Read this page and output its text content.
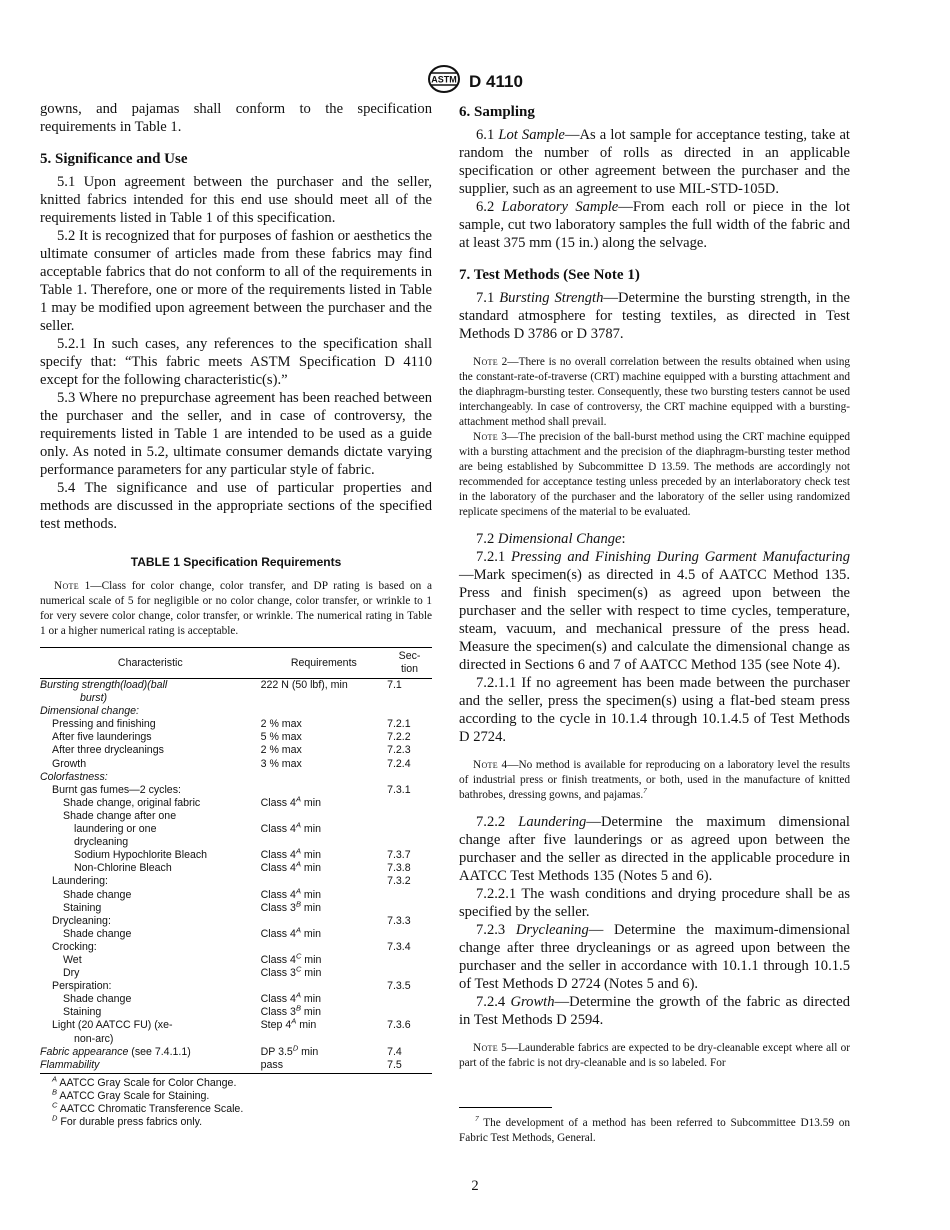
ASTM D 4110

gowns, and pajamas shall conform to the specification requirements in Table 1.

5. Significance and Use

5.1 Upon agreement between the purchaser and the seller, knitted fabrics intended for this end use should meet all of the requirements listed in Table 1 of this specification.

5.2 It is recognized that for purposes of fashion or aesthetics the ultimate consumer of articles made from these fabrics may find acceptable fabrics that do not conform to all of the requirements in Table 1. Therefore, one or more of the requirements listed in Table 1 may be modified upon agreement between the purchaser and the seller.

5.2.1 In such cases, any references to the specification shall specify that: “This fabric meets ASTM Specification D 4110 except for the following characteristic(s).”

5.3 Where no prepurchase agreement has been reached between the purchaser and the seller, and in case of controversy, the requirements listed in Table 1 are intended to be used as a guide only. As noted in 5.2, ultimate consumer demands dictate varying performance parameters for any particular style of fabric.

5.4 The significance and use of particular properties and methods are discussed in the appropriate sections of the specified test methods.

TABLE 1 Specification Requirements

Note 1—Class for color change, color transfer, and DP rating is based on a numerical scale of 5 for negligible or no color change, color transfer, or wrinkle to 1 for very severe color change, color transfer, or wrinkle. The numerical rating in Table 1 or a higher numerical rating is acceptable.

Characteristic	Requirements	Sec-
tion
Bursting strength(load)(ball	222 N (50 lbf), min	7.1
burst)		
Dimensional change:		
Pressing and finishing	2 % max	7.2.1
After five launderings	5 % max	7.2.2
After three drycleanings	2 % max	7.2.3
Growth	3 % max	7.2.4
Colorfastness:		
Burnt gas fumes—2 cycles:		7.3.1
Shade change, original fabric	Class $4^A$ min	
Shade change after one		
laundering or one	Class $4^A$ min	
drycleaning		
Sodium Hypochlorite Bleach	Class $4^A$ min	7.3.7
Non-Chlorine Bleach	Class $4^A$ min	7.3.8
Laundering:		7.3.2
Shade change	Class $4^A$ min	
Staining	Class $3^B$ min	
Drycleaning:		7.3.3
Shade change	Class $4^A$ min	
Crocking:		7.3.4
Wet	Class $4^C$ min	
Dry	Class $3^C$ min	
Perspiration:		7.3.5
Shade change	Class $4^A$ min	
Staining	Class $3^B$ min	
Light (20 AATCC FU) (xe-	Step $4^A$ min	7.3.6
non-arc)		
Fabric appearance (see 7.4.1.1)	DP $3.5^D$ min	7.4
Flammability	pass	7.5
$^A$ AATCC Gray Scale for Color Change.
$^B$ AATCC Gray Scale for Staining.
$^C$ AATCC Chromatic Transference Scale.
$^D$ For durable press fabrics only.
6. Sampling

6.1 Lot Sample—As a lot sample for acceptance testing, take at random the number of rolls as directed in an applicable specification or other agreement between the purchaser and the supplier, such as an agreement to use MIL-STD-105D.

6.2 Laboratory Sample—From each roll or piece in the lot sample, cut two laboratory samples the full width of the fabric and at least 375 mm (15 in.) along the selvage.

7. Test Methods (See Note 1)

7.1 Bursting Strength—Determine the bursting strength, in the standard atmosphere for testing textiles, as directed in Test Methods D 3786 or D 3787.

Note 2—There is no overall correlation between the results obtained when using the constant-rate-of-traverse (CRT) machine equipped with a bursting attachment and the diaphragm-bursting tester. Consequently, these two bursting testers cannot be used interchangeably. In case of controversy, the CRT machine equipped with a bursting-attachment method shall prevail.

Note 3—The precision of the ball-burst method using the CRT machine equipped with a bursting attachment and the precision of the diaphragm-bursting tester method are being established by Subcommittee D 13.59. The methods are accordingly not recommended for acceptance testing unless preceded by an interlaboratory check test in the laboratory of the purchaser and the laboratory of the seller using randomized replicate specimens of the material to be evaluated.

7.2 Dimensional Change:

7.2.1 Pressing and Finishing During Garment Manufacturing—Mark specimen(s) as directed in 4.5 of AATCC Method 135. Press and finish specimen(s) as agreed upon between the purchaser and the seller with respect to time cycles, temperature, steam, vacuum, and mechanical pressure of the press head. Measure the specimen(s) and calculate the dimensional change as directed in Sections 6 and 7 of AATCC Method 135 (see Note 4).

7.2.1.1 If no agreement has been made between the purchaser and the seller, press the specimen(s) using a flat-bed steam press according to the cycle in 10.1.4 through 10.1.4.5 of Test Methods D 2724.

Note 4—No method is available for reproducing on a laboratory level the results of industrial press or finish treatments, or both, used in the manufacture of knitted bathrobes, dressing gowns, and pajamas.$^7$

7.2.2 Laundering—Determine the maximum dimensional change after five launderings or as agreed upon between the purchaser and the seller as directed in the applicable procedure in AATCC Test Methods 135 (Notes 5 and 6).

7.2.2.1 The wash conditions and drying procedure shall be as specified by the seller.

7.2.3 Drycleaning— Determine the maximum-dimensional change after three drycleanings or as agreed upon between the purchaser and the seller in accordance with 10.1.1 through 10.1.5 of Test Methods D 2724 (Notes 5 and 6).

7.2.4 Growth—Determine the growth of the fabric as directed in Test Methods D 2594.

Note 5—Launderable fabrics are expected to be dry-cleanable except where all or part of the fabric is not dry-cleanable and is so labeled. For

$^7$ The development of a method has been referred to Subcommittee D13.59 on Fabric Test Methods, General.

2
